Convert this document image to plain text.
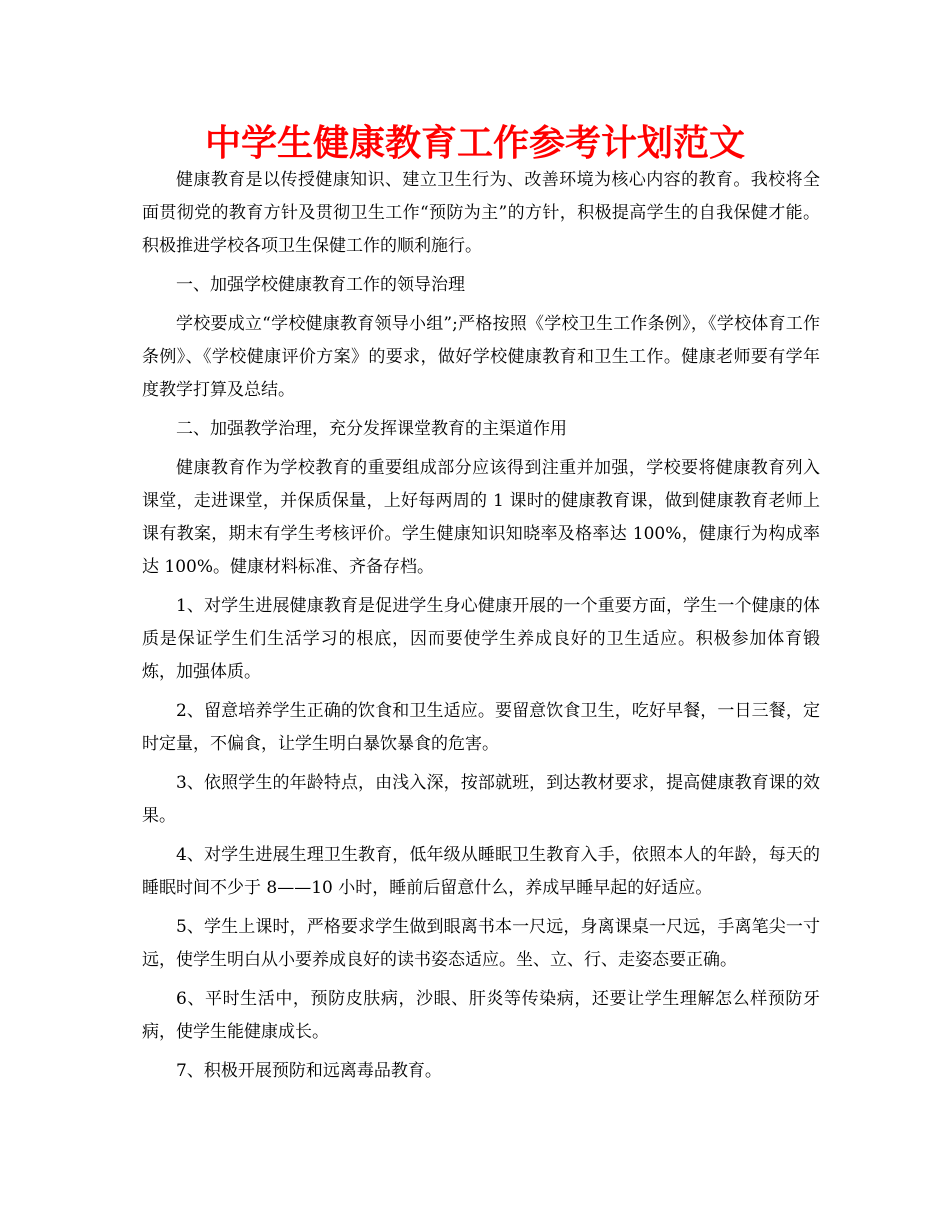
中学生健康教育工作参考计划范文

健康教育是以传授健康知识、建立卫生行为、改善环境为核心内容的教育。我校将全面贯彻党的教育方针及贯彻卫生工作“预防为主”的方针，积极提高学生的自我保健才能。积极推进学校各项卫生保健工作的顺利施行。

一、加强学校健康教育工作的领导治理

学校要成立“学校健康教育领导小组”;严格按照《学校卫生工作条例》，《学校体育工作条例》、《学校健康评价方案》的要求，做好学校健康教育和卫生工作。健康老师要有学年度教学打算及总结。

二、加强教学治理，充分发挥课堂教育的主渠道作用

健康教育作为学校教育的重要组成部分应该得到注重并加强，学校要将健康教育列入课堂，走进课堂，并保质保量，上好每两周的 1 课时的健康教育课，做到健康教育老师上课有教案，期末有学生考核评价。学生健康知识知晓率及格率达 100%，健康行为构成率达 100%。健康材料标准、齐备存档。

1、对学生进展健康教育是促进学生身心健康开展的一个重要方面，学生一个健康的体质是保证学生们生活学习的根底，因而要使学生养成良好的卫生适应。积极参加体育锻炼，加强体质。

2、留意培养学生正确的饮食和卫生适应。要留意饮食卫生，吃好早餐，一日三餐，定时定量，不偏食，让学生明白暴饮暴食的危害。

3、依照学生的年龄特点，由浅入深，按部就班，到达教材要求，提高健康教育课的效果。

4、对学生进展生理卫生教育，低年级从睡眠卫生教育入手，依照本人的年龄，每天的睡眠时间不少于 8——10 小时，睡前后留意什么，养成早睡早起的好适应。

5、学生上课时，严格要求学生做到眼离书本一尺远，身离课桌一尺远，手离笔尖一寸远，使学生明白从小要养成良好的读书姿态适应。坐、立、行、走姿态要正确。

6、平时生活中，预防皮肤病，沙眼、肝炎等传染病，还要让学生理解怎么样预防牙病，使学生能健康成长。

7、积极开展预防和远离毒品教育。
